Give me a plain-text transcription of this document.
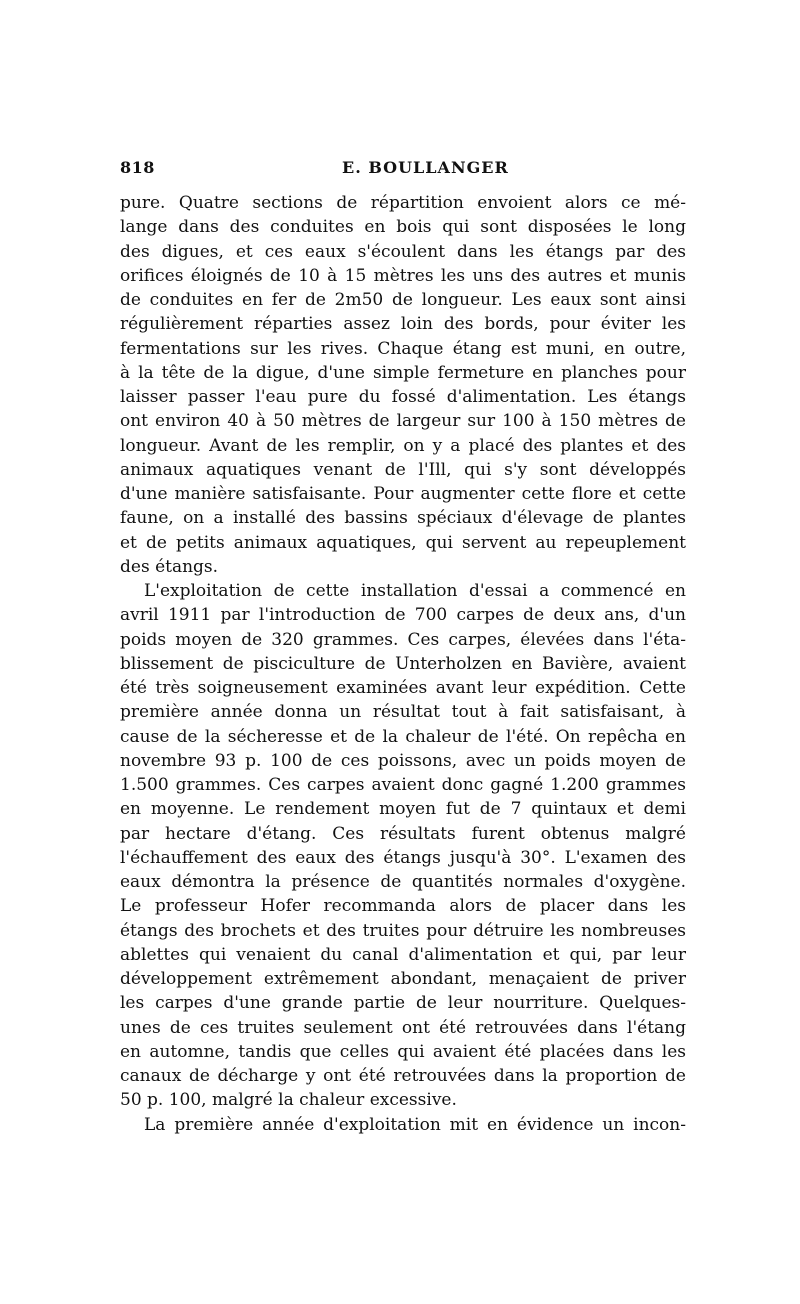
818	E. BOULLANGER
pure. Quatre sections de répartition envoient alors ce mé-
lange dans des conduites en bois qui sont disposées le long
des digues, et ces eaux s'écoulent dans les étangs par des
orifices éloignés de 10 à 15 mètres les uns des autres et munis
de conduites en fer de 2m50 de longueur. Les eaux sont ainsi
régulièrement réparties assez loin des bords, pour éviter les
fermentations sur les rives. Chaque étang est muni, en outre,
à la tête de la digue, d'une simple fermeture en planches pour
laisser passer l'eau pure du fossé d'alimentation. Les étangs
ont environ 40 à 50 mètres de largeur sur 100 à 150 mètres de
longueur. Avant de les remplir, on y a placé des plantes et des
animaux aquatiques venant de l'Ill, qui s'y sont développés
d'une manière satisfaisante. Pour augmenter cette flore et cette
faune, on a installé des bassins spéciaux d'élevage de plantes
et de petits animaux aquatiques, qui servent au repeuplement
des étangs.
L'exploitation de cette installation d'essai a commencé en
avril 1911 par l'introduction de 700 carpes de deux ans, d'un
poids moyen de 320 grammes. Ces carpes, élevées dans l'éta-
blissement de pisciculture de Unterholzen en Bavière, avaient
été très soigneusement examinées avant leur expédition. Cette
première année donna un résultat tout à fait satisfaisant, à
cause de la sécheresse et de la chaleur de l'été. On repêcha en
novembre 93 p. 100 de ces poissons, avec un poids moyen de
1.500 grammes. Ces carpes avaient donc gagné 1.200 grammes
en moyenne. Le rendement moyen fut de 7 quintaux et demi
par hectare d'étang. Ces résultats furent obtenus malgré
l'échauffement des eaux des étangs jusqu'à 30°. L'examen des
eaux démontra la présence de quantités normales d'oxygène.
Le professeur Hofer recommanda alors de placer dans les
étangs des brochets et des truites pour détruire les nombreuses
ablettes qui venaient du canal d'alimentation et qui, par leur
développement extrêmement abondant, menaçaient de priver
les carpes d'une grande partie de leur nourriture. Quelques-
unes de ces truites seulement ont été retrouvées dans l'étang
en automne, tandis que celles qui avaient été placées dans les
canaux de décharge y ont été retrouvées dans la proportion de
50 p. 100, malgré la chaleur excessive.
La première année d'exploitation mit en évidence un incon-
